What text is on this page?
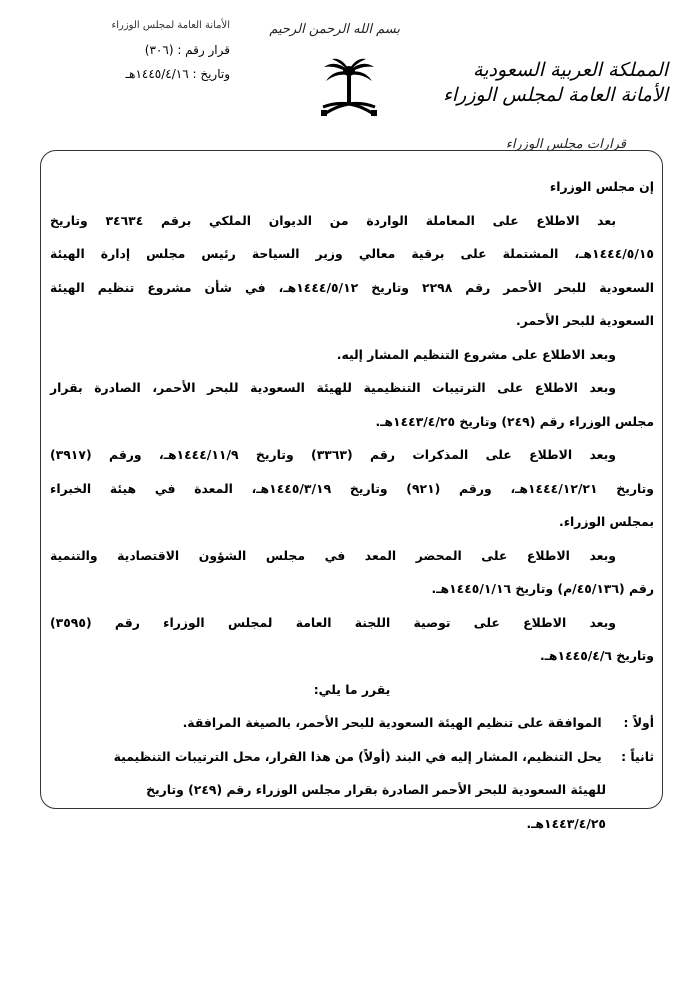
بسم الله الرحمن الرحيم
الأمانة العامة لمجلس الوزراء
قرار رقم : (٣٠٦)
وتاريخ : ١٤٤٥/٤/١٦هـ	المملكة العربية السعودية
الأمانة العامة لمجلس الوزراء
قرارات مجلس الوزراء
إن مجلس الوزراء
بعد الاطلاع على المعاملة الواردة من الديوان الملكي برقم ٣٤٦٣٤ وتاريخ
١٤٤٤/٥/١٥هـ، المشتملة على برقية معالي وزير السياحة رئيس مجلس إدارة الهيئة
السعودية للبحر الأحمر رقم ٢٢٩٨ وتاريخ ١٤٤٤/٥/١٢هـ، في شأن مشروع تنظيم الهيئة
السعودية للبحر الأحمر.
وبعد الاطلاع على مشروع التنظيم المشار إليه.
وبعد الاطلاع على الترتيبات التنظيمية للهيئة السعودية للبحر الأحمر، الصادرة بقرار
مجلس الوزراء رقم (٢٤٩) وتاريخ ١٤٤٣/٤/٢٥هـ.
وبعد الاطلاع على المذكرات رقم (٣٣٦٣) وتاريخ ١٤٤٤/١١/٩هـ، ورقم (٣٩١٧)
وتاريخ ١٤٤٤/١٢/٢١هـ، ورقم (٩٢١) وتاريخ ١٤٤٥/٣/١٩هـ، المعدة في هيئة الخبراء
بمجلس الوزراء.
وبعد الاطلاع على المحضر المعد في مجلس الشؤون الاقتصادية والتنمية
رقم (٤٥/١٣٦/م) وتاريخ ١٤٤٥/١/١٦هـ.
وبعد الاطلاع على توصية اللجنة العامة لمجلس الوزراء رقم (٣٥٩٥)
وتاريخ ١٤٤٥/٤/٦هـ.
يقرر ما يلي:
أولاً : الموافقة على تنظيم الهيئة السعودية للبحر الأحمر، بالصيغة المرافقة.
ثانياً : يحل التنظيم، المشار إليه في البند (أولاً) من هذا القرار، محل الترتيبات التنظيمية
للهيئة السعودية للبحر الأحمر الصادرة بقرار مجلس الوزراء رقم (٢٤٩) وتاريخ
١٤٤٣/٤/٢٥هـ.
